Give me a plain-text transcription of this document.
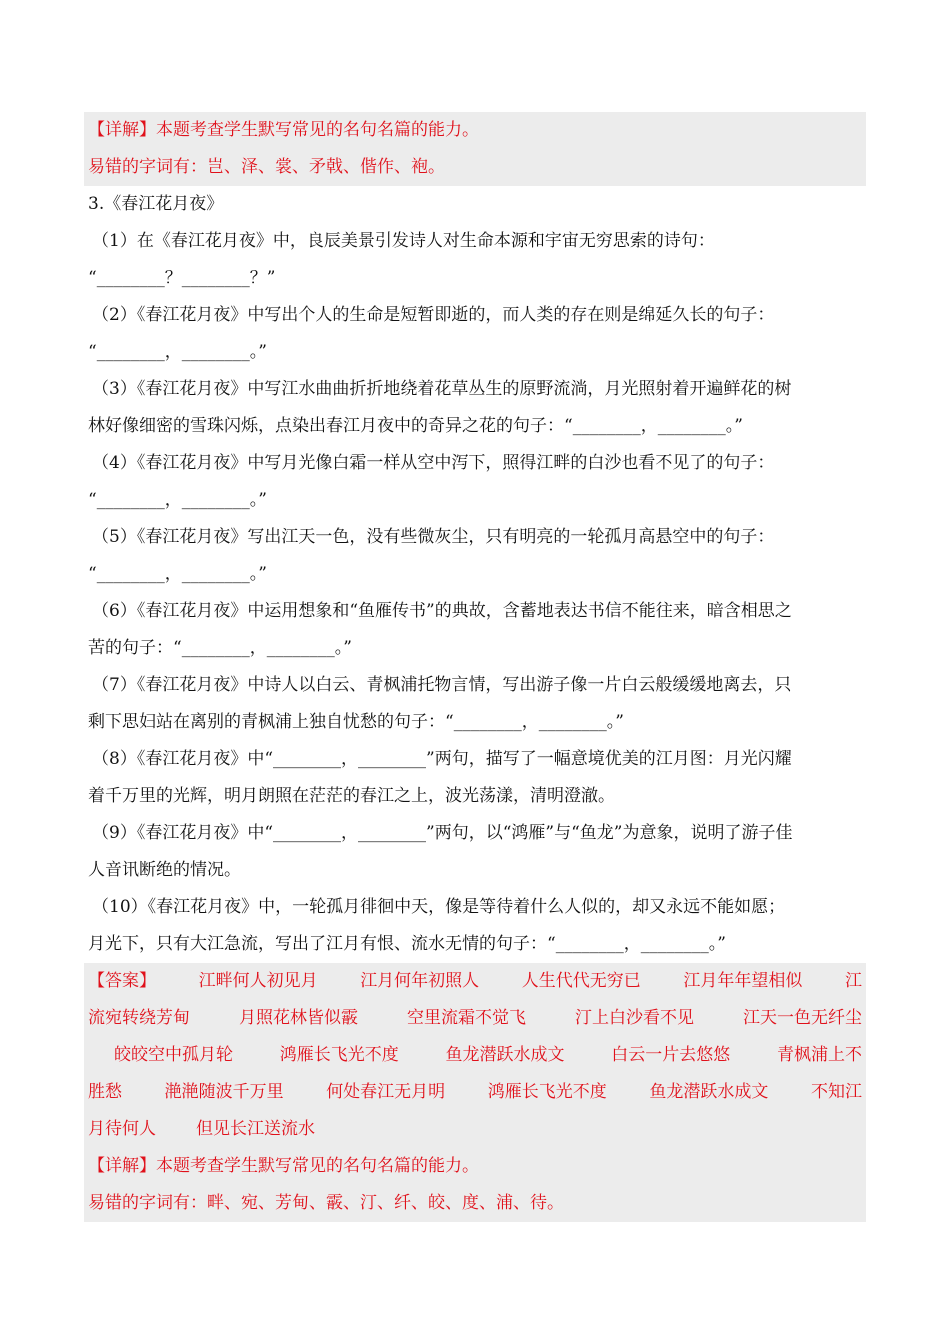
【详解】本题考查学生默写常见的名句名篇的能力。
易错的字词有：岂、泽、裳、矛戟、偕作、袍。
3.《春江花月夜》
（1）在《春江花月夜》中，良辰美景引发诗人对生命本源和宇宙无穷思索的诗句：
“________？________？”
（2）《春江花月夜》中写出个人的生命是短暂即逝的，而人类的存在则是绵延久长的句子：
“________，________。”
（3）《春江花月夜》中写江水曲曲折折地绕着花草丛生的原野流淌，月光照射着开遍鲜花的树
林好像细密的雪珠闪烁，点染出春江月夜中的奇异之花的句子：“________，________。”
（4）《春江花月夜》中写月光像白霜一样从空中泻下，照得江畔的白沙也看不见了的句子：
“________，________。”
（5）《春江花月夜》写出江天一色，没有些微灰尘，只有明亮的一轮孤月高悬空中的句子：
“________，________。”
（6）《春江花月夜》中运用想象和“鱼雁传书”的典故，含蓄地表达书信不能往来，暗含相思之
苦的句子：“________，________。”
（7）《春江花月夜》中诗人以白云、青枫浦托物言情，写出游子像一片白云般缓缓地离去，只
剩下思妇站在离别的青枫浦上独自忧愁的句子：“________，________。”
（8）《春江花月夜》中“________，________”两句，描写了一幅意境优美的江月图：月光闪耀
着千万里的光辉，明月朗照在茫茫的春江之上，波光荡漾，清明澄澈。
（9）《春江花月夜》中“________，________”两句，以“鸿雁”与“鱼龙”为意象，说明了游子佳
人音讯断绝的情况。
（10）《春江花月夜》中，一轮孤月徘徊中天，像是等待着什么人似的，却又永远不能如愿；
月光下，只有大江急流，写出了江月有恨、流水无情的句子：“________，________。”
【答案】	江畔何人初见月	江月何年初照人	人生代代无穷已	江月年年望相似	江
流宛转绕芳甸	月照花林皆似霰	空里流霜不觉飞	汀上白沙看不见	江天一色无纤尘
皎皎空中孤月轮	鸿雁长飞光不度	鱼龙潜跃水成文	白云一片去悠悠	青枫浦上不
胜愁	滟滟随波千万里	何处春江无月明	鸿雁长飞光不度	鱼龙潜跃水成文	不知江
月待何人 但见长江送流水
【详解】本题考查学生默写常见的名句名篇的能力。
易错的字词有：畔、宛、芳甸、霰、汀、纤、皎、度、浦、待。
